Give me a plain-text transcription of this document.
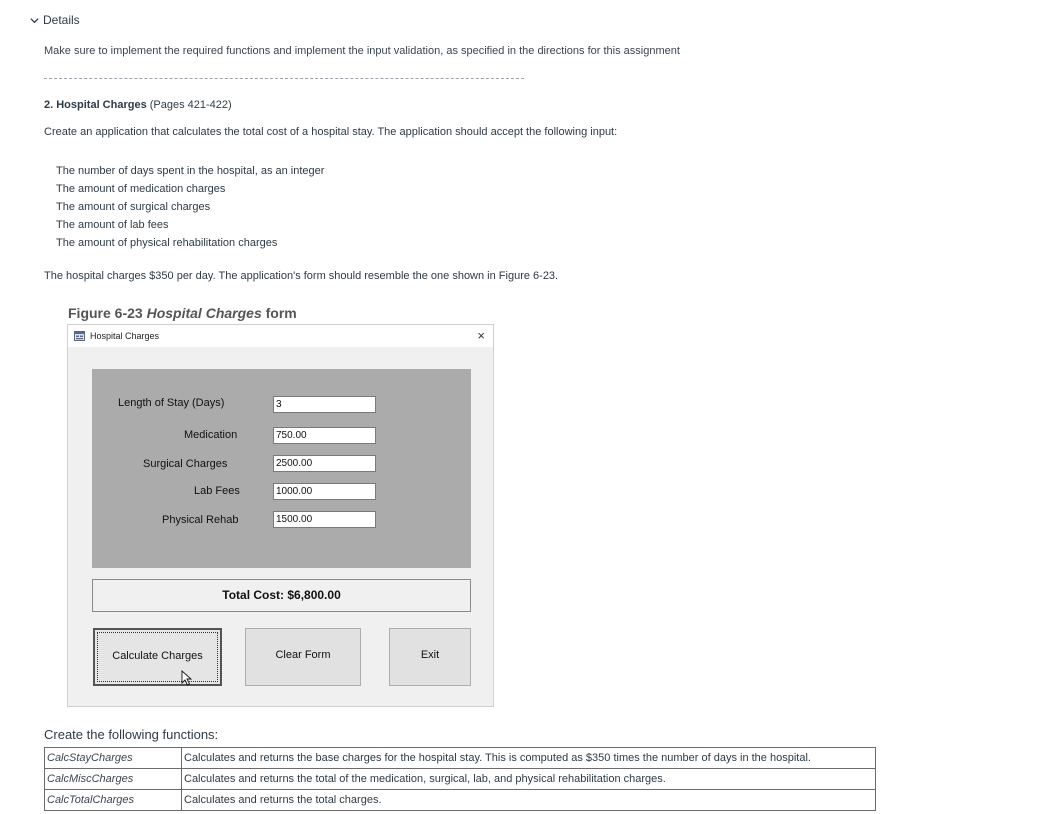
Details
Make sure to implement the required functions and implement the input validation, as specified in the directions for this assignment
2. Hospital Charges (Pages 421-422)
Create an application that calculates the total cost of a hospital stay. The application should accept the following input:
The number of days spent in the hospital, as an integer
The amount of medication charges
The amount of surgical charges
The amount of lab fees
The amount of physical rehabilitation charges
The hospital charges $350 per day. The application's form should resemble the one shown in Figure 6-23.
Figure 6-23 Hospital Charges form
Hospital Charges	×
Length of Stay (Days)	3
Medication	750.00
Surgical Charges	2500.00
Lab Fees	1000.00
Physical Rehab	1500.00
Total Cost: $6,800.00
Calculate Charges	Clear Form	Exit
Create the following functions:
CalcStayCharges	Calculates and returns the base charges for the hospital stay. This is computed as $350 times the number of days in the hospital.
CalcMiscCharges	Calculates and returns the total of the medication, surgical, lab, and physical rehabilitation charges.
CalcTotalCharges	Calculates and returns the total charges.
